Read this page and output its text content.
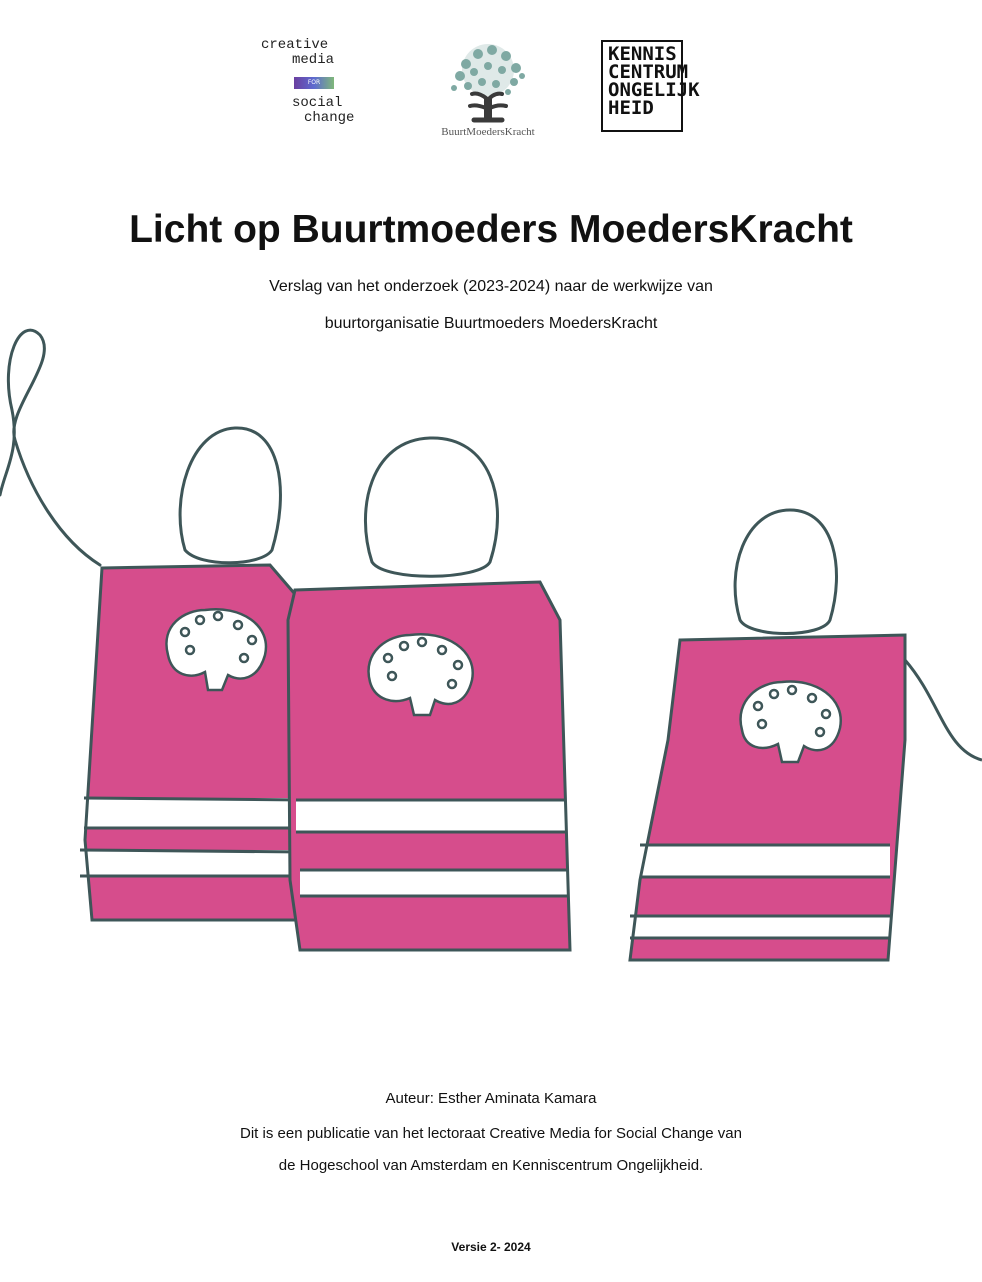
creative
media
FOR
social
change
BuurtMoedersKracht
KENNIS
CENTRUM
ONGELIJK
HEID
Licht op Buurtmoeders MoedersKracht
Verslag van het onderzoek (2023-2024) naar de werkwijze van
buurtorganisatie Buurtmoeders MoedersKracht
Auteur: Esther Aminata Kamara
Dit is een publicatie van het lectoraat Creative Media for Social Change van
de Hogeschool van Amsterdam en Kenniscentrum Ongelijkheid.
Versie 2- 2024
